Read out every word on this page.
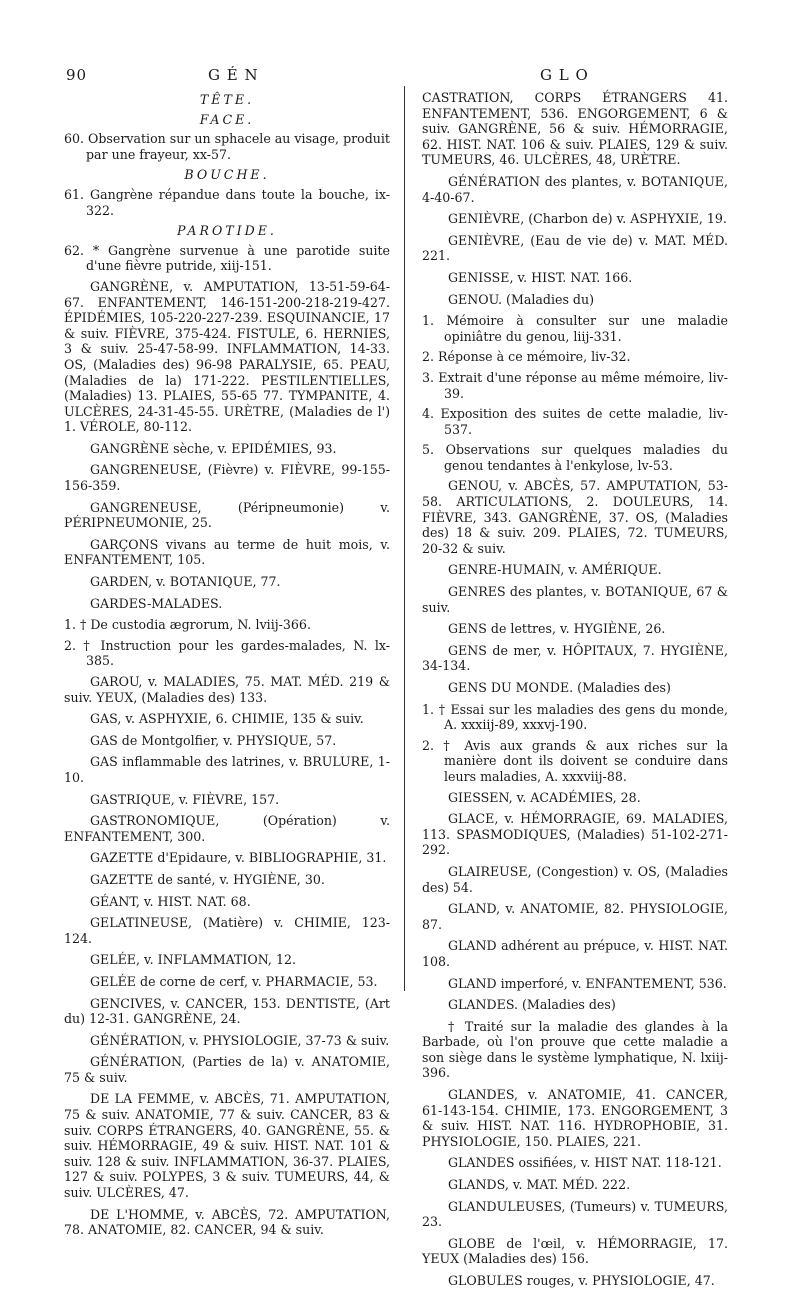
90	G É N	G L O

TÊTE.

FACE.

60. Observation sur un sphacele au visage, produit par une frayeur, xx-57.

BOUCHE.

61. Gangrène répandue dans toute la bouche, ix-322.

PAROTIDE.

62. * Gangrène survenue à une parotide suite d'une fièvre putride, xiij-151.

GANGRÈNE, v. AMPUTATION, 13-51-59-64-67. ENFANTEMENT, 146-151-200-218-219-427. ÉPIDÉMIES, 105-220-227-239. ESQUINANCIE, 17 & suiv. FIÈVRE, 375-424. FISTULE, 6. HERNIES, 3 & suiv. 25-47-58-99. INFLAMMATION, 14-33. OS, (Maladies des) 96-98 PARALYSIE, 65. PEAU, (Maladies de la) 171-222. PESTILENTIELLES, (Maladies) 13. PLAIES, 55-65 77. TYMPANITE, 4. ULCÈRES, 24-31-45-55. URÈTRE, (Maladies de l') 1. VÉROLE, 80-112.

GANGRÈNE sèche, v. EPIDÉMIES, 93.

GANGRENEUSE, (Fièvre) v. FIÈVRE, 99-155-156-359.

GANGRENEUSE, (Péripneumonie) v. PÉRIPNEUMONIE, 25.

GARÇONS vivans au terme de huit mois, v. ENFANTEMENT, 105.

GARDEN, v. BOTANIQUE, 77.

GARDES-MALADES.

1. † De custodia ægrorum, N. lviij-366.

2. † Instruction pour les gardes-malades, N. lx-385.

GAROU, v. MALADIES, 75. MAT. MÉD. 219 & suiv. YEUX, (Maladies des) 133.

GAS, v. ASPHYXIE, 6. CHIMIE, 135 & suiv.

GAS de Montgolfier, v. PHYSIQUE, 57.

GAS inflammable des latrines, v. BRULURE, 1-10.

GASTRIQUE, v. FIÈVRE, 157.

GASTRONOMIQUE, (Opération) v. ENFANTEMENT, 300.

GAZETTE d'Epidaure, v. BIBLIOGRAPHIE, 31.

GAZETTE de santé, v. HYGIÈNE, 30.

GÉANT, v. HIST. NAT. 68.

GELATINEUSE, (Matière) v. CHIMIE, 123-124.

GELÉE, v. INFLAMMATION, 12.

GELÉE de corne de cerf, v. PHARMACIE, 53.

GENCIVES, v. CANCER, 153. DENTISTE, (Art du) 12-31. GANGRÈNE, 24.

GÉNÉRATION, v. PHYSIOLOGIE, 37-73 & suiv.

GÉNÉRATION, (Parties de la) v. ANATOMIE, 75 & suiv.

DE LA FEMME, v. ABCÈS, 71. AMPUTATION, 75 & suiv. ANATOMIE, 77 & suiv. CANCER, 83 & suiv. CORPS ÉTRANGERS, 40. GANGRÈNE, 55. & suiv. HÉMORRAGIE, 49 & suiv. HIST. NAT. 101 & suiv. 128 & suiv. INFLAMMATION, 36-37. PLAIES, 127 & suiv. POLYPES, 3 & suiv. TUMEURS, 44, & suiv. ULCÈRES, 47.

DE L'HOMME, v. ABCÈS, 72. AMPUTATION, 78. ANATOMIE, 82. CANCER, 94 & suiv.

CASTRATION, CORPS ÉTRANGERS 41. ENFANTEMENT, 536. ENGORGEMENT, 6 & suiv. GANGRÈNE, 56 & suiv. HÉMORRAGIE, 62. HIST. NAT. 106 & suiv. PLAIES, 129 & suiv. TUMEURS, 46. ULCÈRES, 48, URÈTRE.

GÉNÉRATION des plantes, v. BOTANIQUE, 4-40-67.

GENIÈVRE, (Charbon de) v. ASPHYXIE, 19.

GENIÈVRE, (Eau de vie de) v. MAT. MÉD. 221.

GENISSE, v. HIST. NAT. 166.

GENOU. (Maladies du)

1. Mémoire à consulter sur une maladie opiniâtre du genou, liij-331.

2. Réponse à ce mémoire, liv-32.

3. Extrait d'une réponse au même mémoire, liv-39.

4. Exposition des suites de cette maladie, liv-537.

5. Observations sur quelques maladies du genou tendantes à l'enkylose, lv-53.

GENOU, v. ABCÈS, 57. AMPUTATION, 53-58. ARTICULATIONS, 2. DOULEURS, 14. FIÈVRE, 343. GANGRÈNE, 37. OS, (Maladies des) 18 & suiv. 209. PLAIES, 72. TUMEURS, 20-32 & suiv.

GENRE-HUMAIN, v. AMÉRIQUE.

GENRES des plantes, v. BOTANIQUE, 67 & suiv.

GENS de lettres, v. HYGIÈNE, 26.

GENS de mer, v. HÔPITAUX, 7. HYGIÈNE, 34-134.

GENS DU MONDE. (Maladies des)

1. † Essai sur les maladies des gens du monde, A. xxxiij-89, xxxvj-190.

2. † Avis aux grands & aux riches sur la manière dont ils doivent se conduire dans leurs maladies, A. xxxviij-88.

GIESSEN, v. ACADÉMIES, 28.

GLACE, v. HÉMORRAGIE, 69. MALADIES, 113. SPASMODIQUES, (Maladies) 51-102-271-292.

GLAIREUSE, (Congestion) v. OS, (Maladies des) 54.

GLAND, v. ANATOMIE, 82. PHYSIOLOGIE, 87.

GLAND adhérent au prépuce, v. HIST. NAT. 108.

GLAND imperforé, v. ENFANTEMENT, 536.

GLANDES. (Maladies des)

† Traité sur la maladie des glandes à la Barbade, où l'on prouve que cette maladie a son siège dans le système lymphatique, N. lxiij-396.

GLANDES, v. ANATOMIE, 41. CANCER, 61-143-154. CHIMIE, 173. ENGORGEMENT, 3 & suiv. HIST. NAT. 116. HYDROPHOBIE, 31. PHYSIOLOGIE, 150. PLAIES, 221.

GLANDES ossifiées, v. HIST NAT. 118-121.

GLANDS, v. MAT. MÉD. 222.

GLANDULEUSES, (Tumeurs) v. TUMEURS, 23.

GLOBE de l'œil, v. HÉMORRAGIE, 17. YEUX (Maladies des) 156.

GLOBULES rouges, v. PHYSIOLOGIE, 47.
